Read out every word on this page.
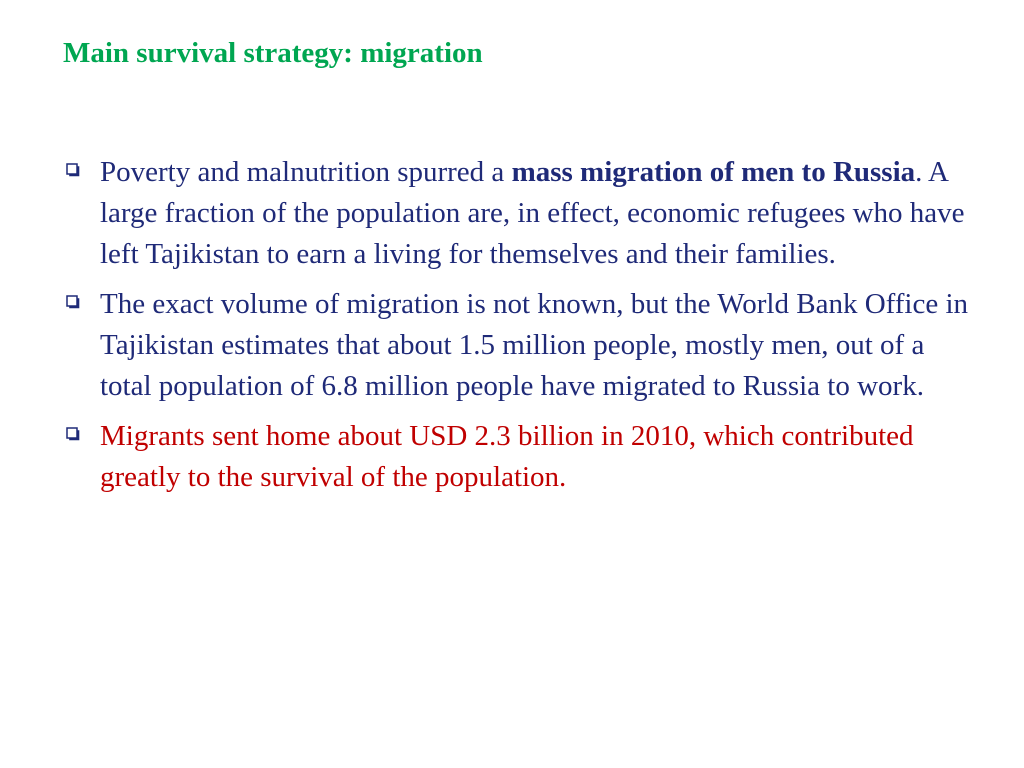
Main survival strategy: migration
Poverty and malnutrition spurred a mass migration of men to Russia. A large fraction of the population are, in effect, economic refugees who have left Tajikistan to earn a living for themselves and their families.
The exact volume of migration is not known, but the World Bank Office in Tajikistan estimates that about 1.5 million people, mostly men, out of a total population of 6.8 million people have migrated to Russia to work.
Migrants sent home about USD 2.3 billion in 2010, which contributed greatly to the survival of the population.
